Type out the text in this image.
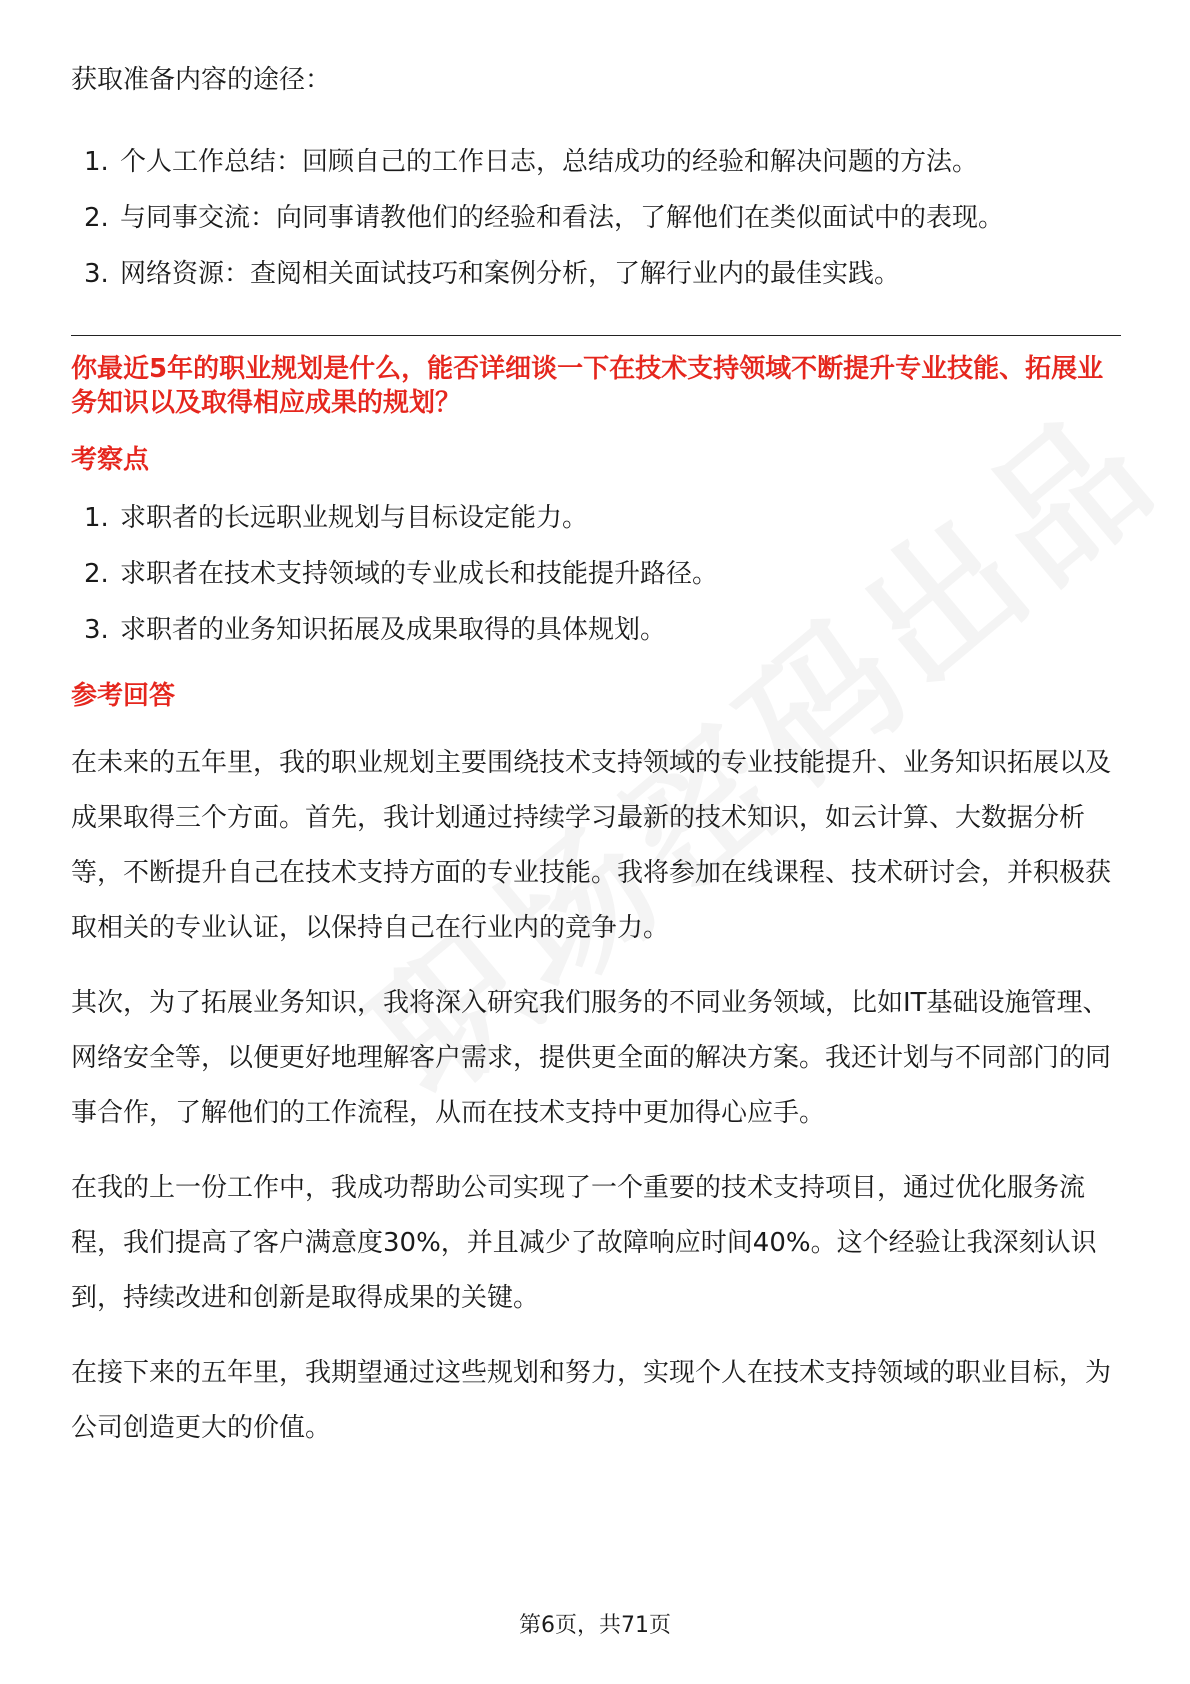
获取准备内容的途径：

1. 个人工作总结：回顾自己的工作日志，总结成功的经验和解决问题的方法。
2. 与同事交流：向同事请教他们的经验和看法，了解他们在类似面试中的表现。
3. 网络资源：查阅相关面试技巧和案例分析，了解行业内的最佳实践。
你最近5年的职业规划是什么，能否详细谈一下在技术支持领域不断提升专业技能、拓展业务知识以及取得相应成果的规划？
考察点
1. 求职者的长远职业规划与目标设定能力。
2. 求职者在技术支持领域的专业成长和技能提升路径。
3. 求职者的业务知识拓展及成果取得的具体规划。
参考回答

在未来的五年里，我的职业规划主要围绕技术支持领域的专业技能提升、业务知识拓展以及成果取得三个方面。首先，我计划通过持续学习最新的技术知识，如云计算、大数据分析等，不断提升自己在技术支持方面的专业技能。我将参加在线课程、技术研讨会，并积极获取相关的专业认证，以保持自己在行业内的竞争力。

其次，为了拓展业务知识，我将深入研究我们服务的不同业务领域，比如IT基础设施管理、网络安全等，以便更好地理解客户需求，提供更全面的解决方案。我还计划与不同部门的同事合作，了解他们的工作流程，从而在技术支持中更加得心应手。

在我的上一份工作中，我成功帮助公司实现了一个重要的技术支持项目，通过优化服务流程，我们提高了客户满意度30%，并且减少了故障响应时间40%。这个经验让我深刻认识到，持续改进和创新是取得成果的关键。

在接下来的五年里，我期望通过这些规划和努力，实现个人在技术支持领域的职业目标，为公司创造更大的价值。

第6页，共71页
